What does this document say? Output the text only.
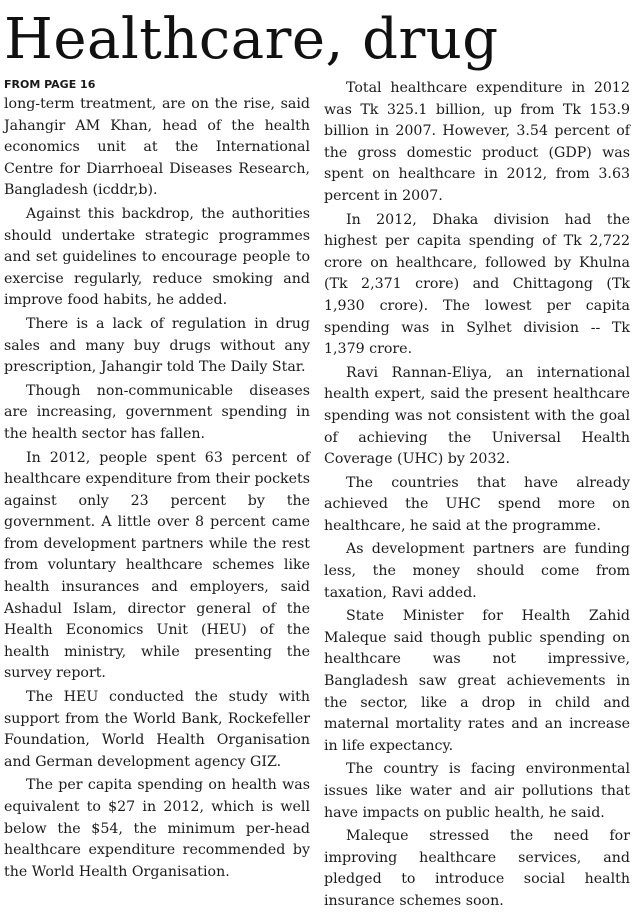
Healthcare, drug
FROM PAGE 16

long-term treatment, are on the rise, said Jahangir AM Khan, head of the health economics unit at the International Centre for Diarrhoeal Diseases Research, Bangladesh (icddr,b).

Against this backdrop, the authorities should undertake strategic programmes and set guidelines to encourage people to exercise regularly, reduce smoking and improve food habits, he added.

There is a lack of regulation in drug sales and many buy drugs without any prescription, Jahangir told The Daily Star.

Though non-communicable diseases are increasing, government spending in the health sector has fallen.

In 2012, people spent 63 percent of healthcare expenditure from their pockets against only 23 percent by the government. A little over 8 percent came from development partners while the rest from voluntary healthcare schemes like health insurances and employers, said Ashadul Islam, director general of the Health Economics Unit (HEU) of the health ministry, while presenting the survey report.

The HEU conducted the study with support from the World Bank, Rockefeller Foundation, World Health Organisation and German development agency GIZ.

The per capita spending on health was equivalent to $27 in 2012, which is well below the $54, the minimum per-head healthcare expenditure recommended by the World Health Organisation.

Total healthcare expenditure in 2012 was Tk 325.1 billion, up from Tk 153.9 billion in 2007. However, 3.54 percent of the gross domestic product (GDP) was spent on healthcare in 2012, from 3.63 percent in 2007.

In 2012, Dhaka division had the highest per capita spending of Tk 2,722 crore on healthcare, followed by Khulna (Tk 2,371 crore) and Chittagong (Tk 1,930 crore). The lowest per capita spending was in Sylhet division -- Tk 1,379 crore.

Ravi Rannan-Eliya, an international health expert, said the present healthcare spending was not consistent with the goal of achieving the Universal Health Coverage (UHC) by 2032.

The countries that have already achieved the UHC spend more on healthcare, he said at the programme.

As development partners are funding less, the money should come from taxation, Ravi added.

State Minister for Health Zahid Maleque said though public spending on healthcare was not impressive, Bangladesh saw great achievements in the sector, like a drop in child and maternal mortality rates and an increase in life expectancy.

The country is facing environmental issues like water and air pollutions that have impacts on public health, he said.

Maleque stressed the need for improving healthcare services, and pledged to introduce social health insurance schemes soon.
